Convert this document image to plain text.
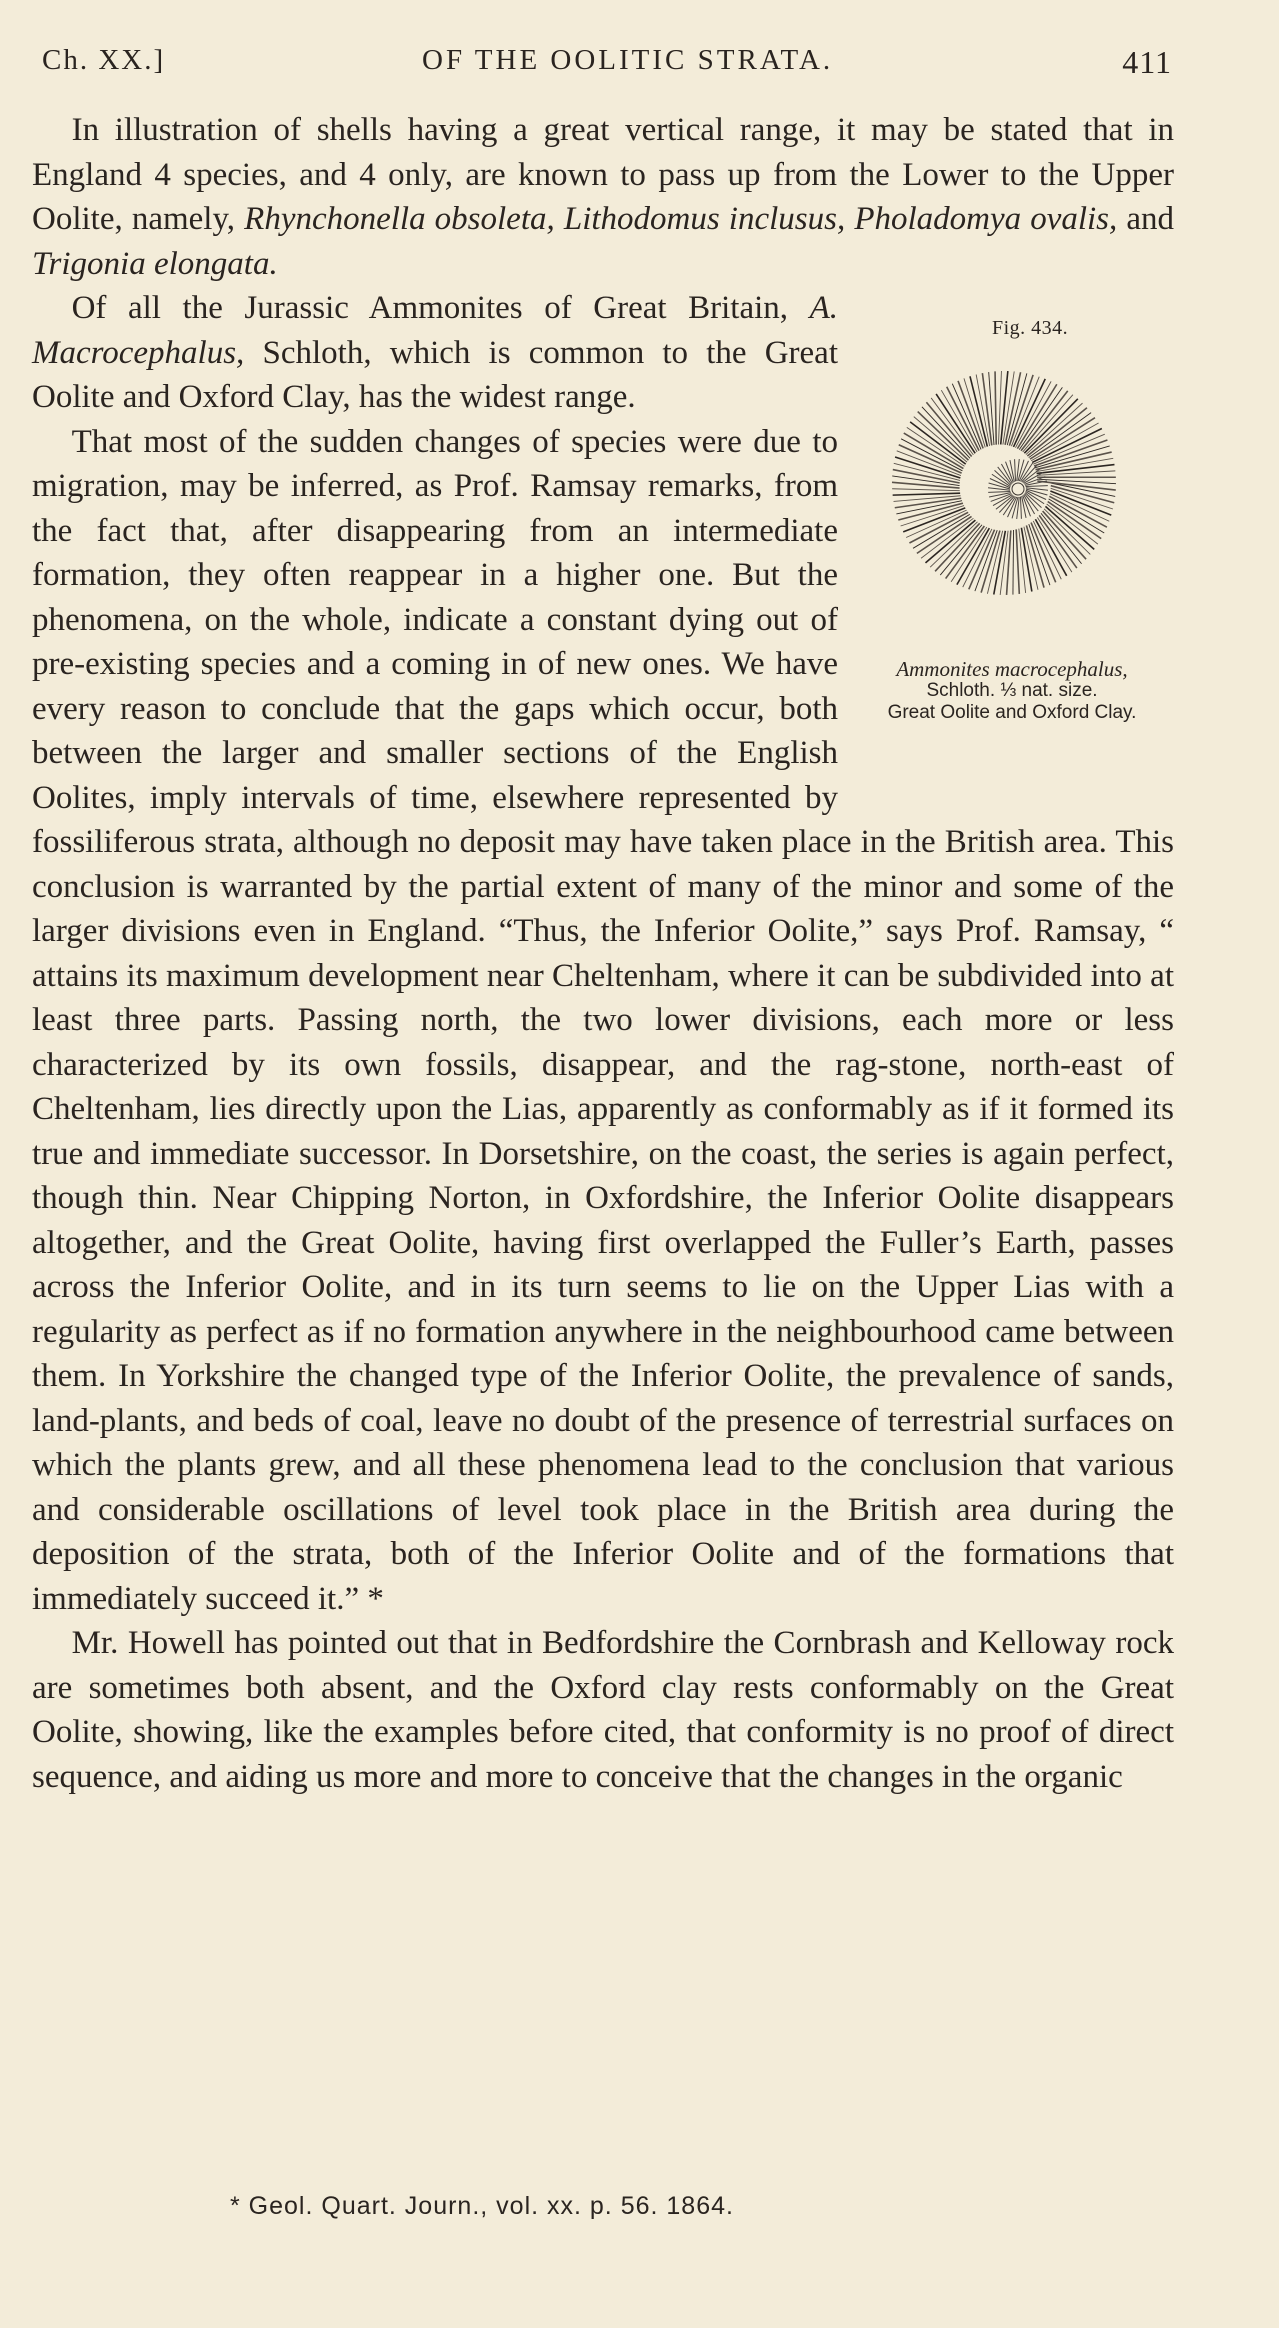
Ch. XX.]	OF THE OOLITIC STRATA.	411

In illustration of shells having a great vertical range, it may be stated that in England 4 species, and 4 only, are known to pass up from the Lower to the Upper Oolite, namely, Rhynchonella obsoleta, Lithodomus inclusus, Pholadomya ovalis, and Trigonia elongata.

Fig. 434.
Ammonites macrocephalus,
Schloth. ⅓ nat. size.
Great Oolite and Oxford Clay.

Of all the Jurassic Ammonites of Great Britain, A. Macrocephalus, Schloth, which is common to the Great Oolite and Oxford Clay, has the widest range.

That most of the sudden changes of species were due to migration, may be inferred, as Prof. Ramsay remarks, from the fact that, after disappearing from an intermediate formation, they often reappear in a higher one. But the phenomena, on the whole, indicate a constant dying out of pre-existing species and a coming in of new ones. We have every reason to conclude that the gaps which occur, both between the larger and smaller sections of the English Oolites, imply intervals of time, elsewhere represented by fossiliferous strata, although no deposit may have taken place in the British area. This conclusion is warranted by the partial extent of many of the minor and some of the larger divisions even in England. “Thus, the Inferior Oolite,” says Prof. Ramsay, “ attains its maximum development near Cheltenham, where it can be subdivided into at least three parts. Passing north, the two lower divisions, each more or less characterized by its own fossils, disappear, and the rag-stone, north-east of Cheltenham, lies directly upon the Lias, apparently as conformably as if it formed its true and immediate successor. In Dorsetshire, on the coast, the series is again perfect, though thin. Near Chipping Norton, in Oxfordshire, the Inferior Oolite disappears altogether, and the Great Oolite, having first overlapped the Fuller’s Earth, passes across the Inferior Oolite, and in its turn seems to lie on the Upper Lias with a regularity as perfect as if no formation anywhere in the neighbourhood came between them. In Yorkshire the changed type of the Inferior Oolite, the prevalence of sands, land-plants, and beds of coal, leave no doubt of the presence of terrestrial surfaces on which the plants grew, and all these phenomena lead to the conclusion that various and considerable oscillations of level took place in the British area during the deposition of the strata, both of the Inferior Oolite and of the formations that immediately succeed it.” *

Mr. Howell has pointed out that in Bedfordshire the Cornbrash and Kelloway rock are sometimes both absent, and the Oxford clay rests conformably on the Great Oolite, showing, like the examples before cited, that conformity is no proof of direct sequence, and aiding us more and more to conceive that the changes in the organic

* Geol. Quart. Journ., vol. xx. p. 56. 1864.
